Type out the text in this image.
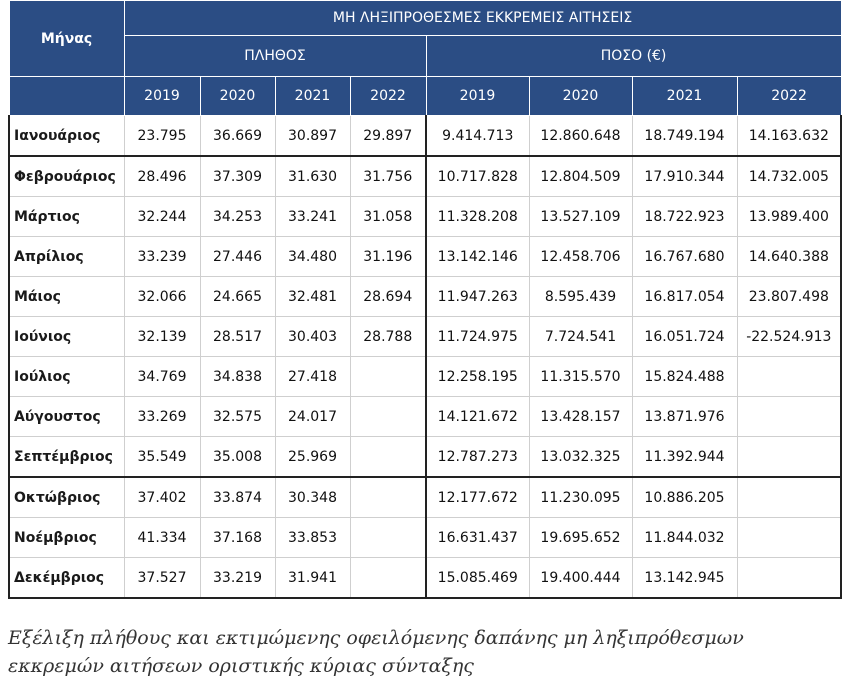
Μήνας	ΜΗ ΛΗΞΙΠΡΟΘΕΣΜΕΣ ΕΚΚΡΕΜΕΙΣ ΑΙΤΗΣΕΙΣ							
	ΠΛΗΘΟΣ				ΠΟΣΟ (€)			
	2019	2020	2021	2022	2019	2020	2021	2022
Ιανουάριος	23.795	36.669	30.897	29.897	9.414.713	12.860.648	18.749.194	14.163.632
Φεβρουάριος	28.496	37.309	31.630	31.756	10.717.828	12.804.509	17.910.344	14.732.005
Μάρτιος	32.244	34.253	33.241	31.058	11.328.208	13.527.109	18.722.923	13.989.400
Απρίλιος	33.239	27.446	34.480	31.196	13.142.146	12.458.706	16.767.680	14.640.388
Μάιος	32.066	24.665	32.481	28.694	11.947.263	8.595.439	16.817.054	23.807.498
Ιούνιος	32.139	28.517	30.403	28.788	11.724.975	7.724.541	16.051.724	-22.524.913
Ιούλιος	34.769	34.838	27.418		12.258.195	11.315.570	15.824.488	
Αύγουστος	33.269	32.575	24.017		14.121.672	13.428.157	13.871.976	
Σεπτέμβριος	35.549	35.008	25.969		12.787.273	13.032.325	11.392.944	
Οκτώβριος	37.402	33.874	30.348		12.177.672	11.230.095	10.886.205	
Νοέμβριος	41.334	37.168	33.853		16.631.437	19.695.652	11.844.032	
Δεκέμβριος	37.527	33.219	31.941		15.085.469	19.400.444	13.142.945	
Εξέλιξη πλήθους και εκτιμώμενης οφειλόμενης δαπάνης μη ληξιπρόθεσμων εκκρεμών αιτήσεων οριστικής κύριας σύνταξης
